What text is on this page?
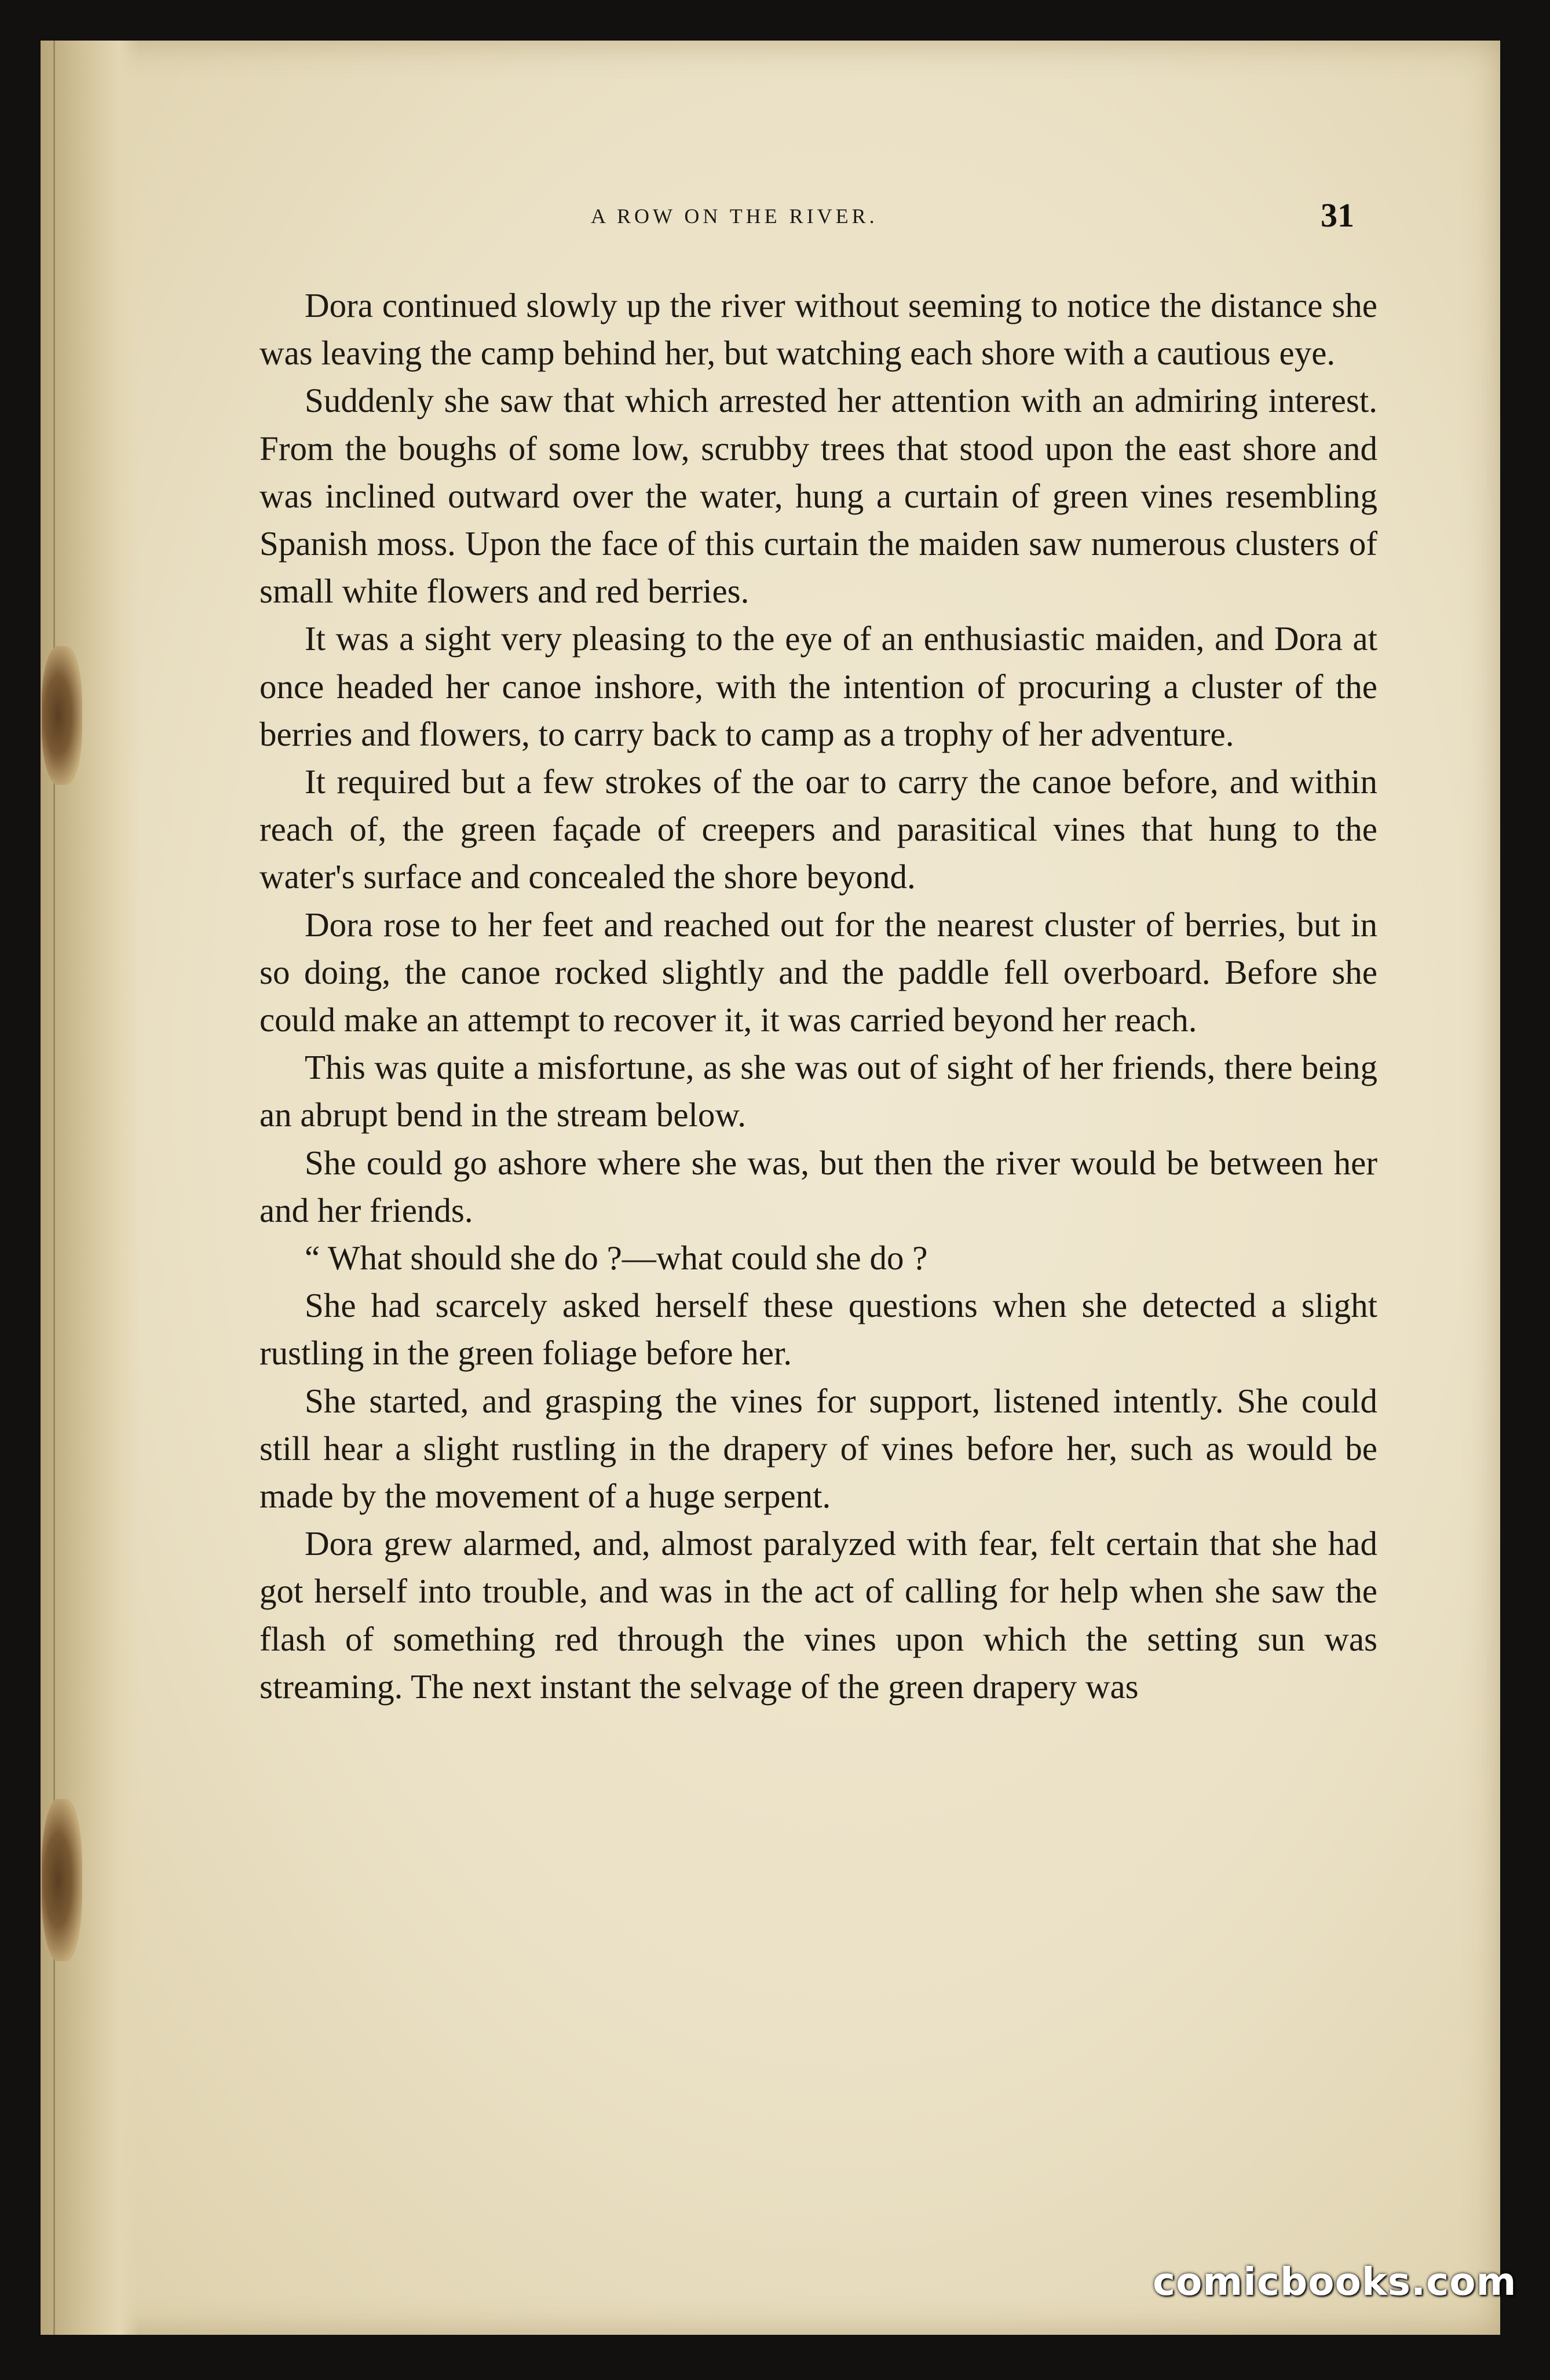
A ROW ON THE RIVER.	31

Dora continued slowly up the river without seeming to notice the distance she was leaving the camp behind her, but watching each shore with a cautious eye.

Suddenly she saw that which arrested her attention with an admiring interest. From the boughs of some low, scrubby trees that stood upon the east shore and was inclined outward over the water, hung a curtain of green vines resembling Spanish moss. Upon the face of this curtain the maiden saw numerous clusters of small white flowers and red berries.

It was a sight very pleasing to the eye of an enthusiastic maiden, and Dora at once headed her canoe inshore, with the intention of procuring a cluster of the berries and flowers, to carry back to camp as a trophy of her adventure.

It required but a few strokes of the oar to carry the canoe before, and within reach of, the green façade of creepers and parasitical vines that hung to the water's surface and concealed the shore beyond.

Dora rose to her feet and reached out for the nearest cluster of berries, but in so doing, the canoe rocked slightly and the paddle fell overboard. Before she could make an attempt to recover it, it was carried beyond her reach.

This was quite a misfortune, as she was out of sight of her friends, there being an abrupt bend in the stream below.

She could go ashore where she was, but then the river would be between her and her friends.

“ What should she do ?—what could she do ?

She had scarcely asked herself these questions when she detected a slight rustling in the green foliage before her.

She started, and grasping the vines for support, listened intently. She could still hear a slight rustling in the drapery of vines before her, such as would be made by the movement of a huge serpent.

Dora grew alarmed, and, almost paralyzed with fear, felt certain that she had got herself into trouble, and was in the act of calling for help when she saw the flash of something red through the vines upon which the setting sun was streaming. The next instant the selvage of the green drapery was

comicbooks.com
